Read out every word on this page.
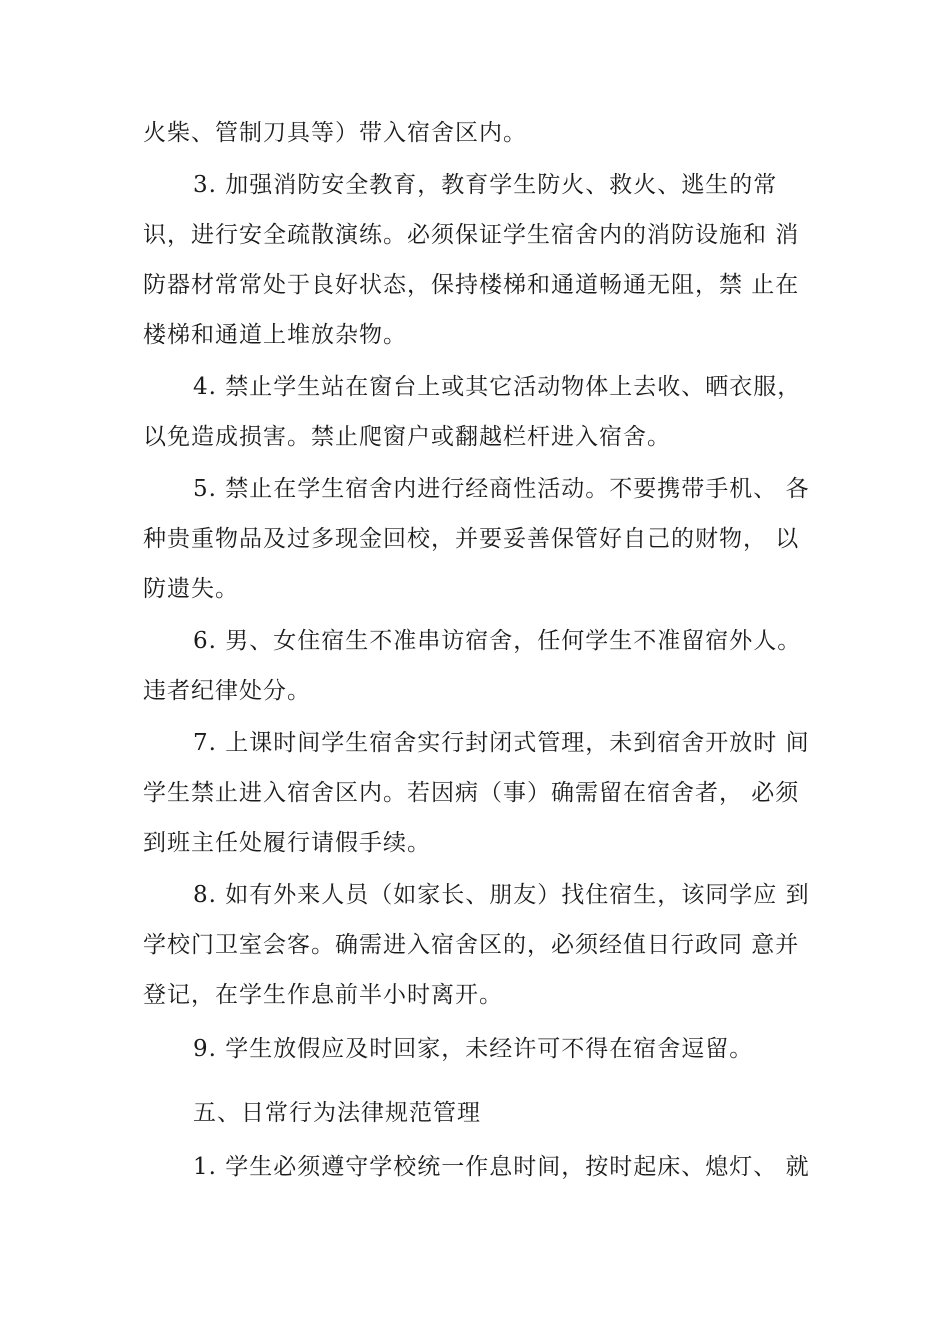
火柴、管制刀具等）带入宿舍区内。
3. 加强消防安全教育，教育学生防火、救火、逃生的常
识，进行安全疏散演练。必须保证学生宿舍内的消防设施和 消
防器材常常处于良好状态，保持楼梯和通道畅通无阻，禁 止在
楼梯和通道上堆放杂物。
4. 禁止学生站在窗台上或其它活动物体上去收、晒衣服，
以免造成损害。禁止爬窗户或翻越栏杆进入宿舍。
5. 禁止在学生宿舍内进行经商性活动。不要携带手机、 各
种贵重物品及过多现金回校，并要妥善保管好自己的财物， 以
防遗失。
6. 男、女住宿生不准串访宿舍，任何学生不准留宿外人。
违者纪律处分。
7. 上课时间学生宿舍实行封闭式管理，未到宿舍开放时 间
学生禁止进入宿舍区内。若因病（事）确需留在宿舍者， 必须
到班主任处履行请假手续。
8. 如有外来人员（如家长、朋友）找住宿生，该同学应 到
学校门卫室会客。确需进入宿舍区的，必须经值日行政同 意并
登记，在学生作息前半小时离开。
9. 学生放假应及时回家，未经许可不得在宿舍逗留。
五、日常行为法律规范管理
1. 学生必须遵守学校统一作息时间，按时起床、熄灯、 就
